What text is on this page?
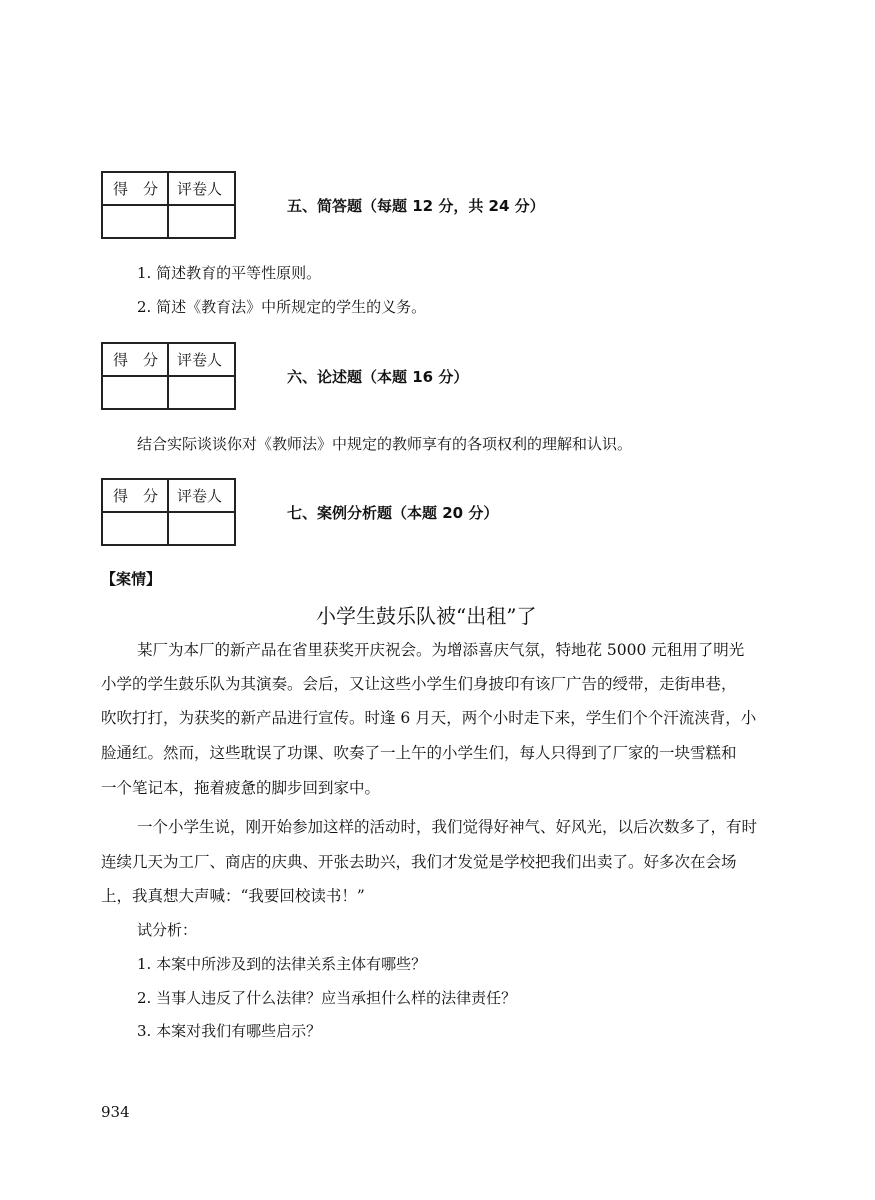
得　分	评卷人
五、简答题（每题 12 分，共 24 分）
1. 简述教育的平等性原则。
2. 简述《教育法》中所规定的学生的义务。
得　分	评卷人
六、论述题（本题 16 分）
结合实际谈谈你对《教师法》中规定的教师享有的各项权利的理解和认识。
得　分	评卷人
七、案例分析题（本题 20 分）
【案情】
小学生鼓乐队被“出租”了
某厂为本厂的新产品在省里获奖开庆祝会。为增添喜庆气氛，特地花 5000 元租用了明光
小学的学生鼓乐队为其演奏。会后，又让这些小学生们身披印有该厂广告的绶带，走街串巷，
吹吹打打，为获奖的新产品进行宣传。时逢 6 月天，两个小时走下来，学生们个个汗流浃背，小
脸通红。然而，这些耽误了功课、吹奏了一上午的小学生们，每人只得到了厂家的一块雪糕和
一个笔记本，拖着疲惫的脚步回到家中。
一个小学生说，刚开始参加这样的活动时，我们觉得好神气、好风光，以后次数多了，有时
连续几天为工厂、商店的庆典、开张去助兴，我们才发觉是学校把我们出卖了。好多次在会场
上，我真想大声喊：“我要回校读书！”
试分析：
1. 本案中所涉及到的法律关系主体有哪些？
2. 当事人违反了什么法律？应当承担什么样的法律责任？
3. 本案对我们有哪些启示？
934
